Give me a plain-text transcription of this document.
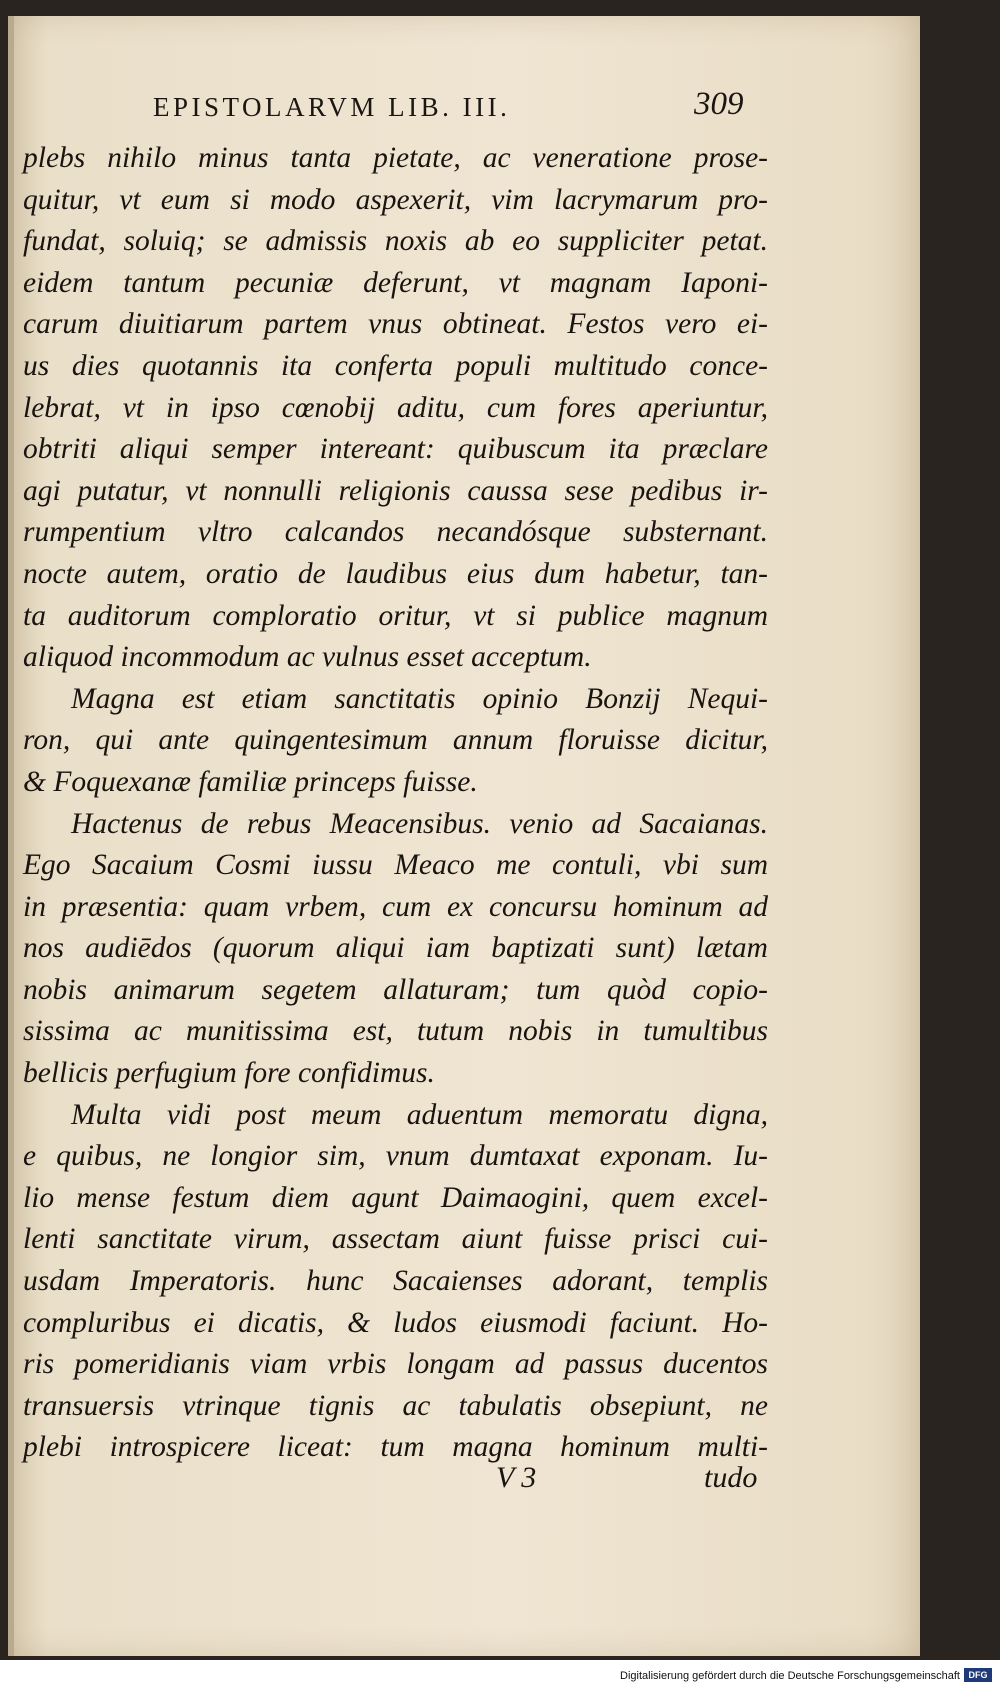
EPISTOLARVM LIB. III.	309
plebs nihilo minus tanta pietate, ac veneratione prose-
quitur, vt eum si modo aspexerit, vim lacrymarum pro-
fundat, soluiq; se admissis noxis ab eo suppliciter petat.
eidem tantum pecuniæ deferunt, vt magnam Iaponi-
carum diuitiarum partem vnus obtineat. Festos vero ei-
us dies quotannis ita conferta populi multitudo conce-
lebrat, vt in ipso cœnobij aditu, cum fores aperiuntur,
obtriti aliqui semper intereant: quibuscum ita præclare
agi putatur, vt nonnulli religionis caussa sese pedibus ir-
rumpentium vltro calcandos necandósque substernant.
nocte autem, oratio de laudibus eius dum habetur, tan-
ta auditorum comploratio oritur, vt si publice magnum
aliquod incommodum ac vulnus esset acceptum.
Magna est etiam sanctitatis opinio Bonzij Nequi-
ron, qui ante quingentesimum annum floruisse dicitur,
& Foquexanæ familiæ princeps fuisse.
Hactenus de rebus Meacensibus. venio ad Sacaianas.
Ego Sacaium Cosmi iussu Meaco me contuli, vbi sum
in præsentia: quam vrbem, cum ex concursu hominum ad
nos audiēdos (quorum aliqui iam baptizati sunt) lætam
nobis animarum segetem allaturam; tum quòd copio-
sissima ac munitissima est, tutum nobis in tumultibus
bellicis perfugium fore confidimus.
Multa vidi post meum aduentum memoratu digna,
e quibus, ne longior sim, vnum dumtaxat exponam. Iu-
lio mense festum diem agunt Daimaogini, quem excel-
lenti sanctitate virum, assectam aiunt fuisse prisci cui-
usdam Imperatoris. hunc Sacaienses adorant, templis
compluribus ei dicatis, & ludos eiusmodi faciunt. Ho-
ris pomeridianis viam vrbis longam ad passus ducentos
transuersis vtrinque tignis ac tabulatis obsepiunt, ne
plebi introspicere liceat: tum magna hominum multi-
V 3	tudo
Digitalisierung gefördert durch die Deutsche Forschungsgemeinschaft DFG
